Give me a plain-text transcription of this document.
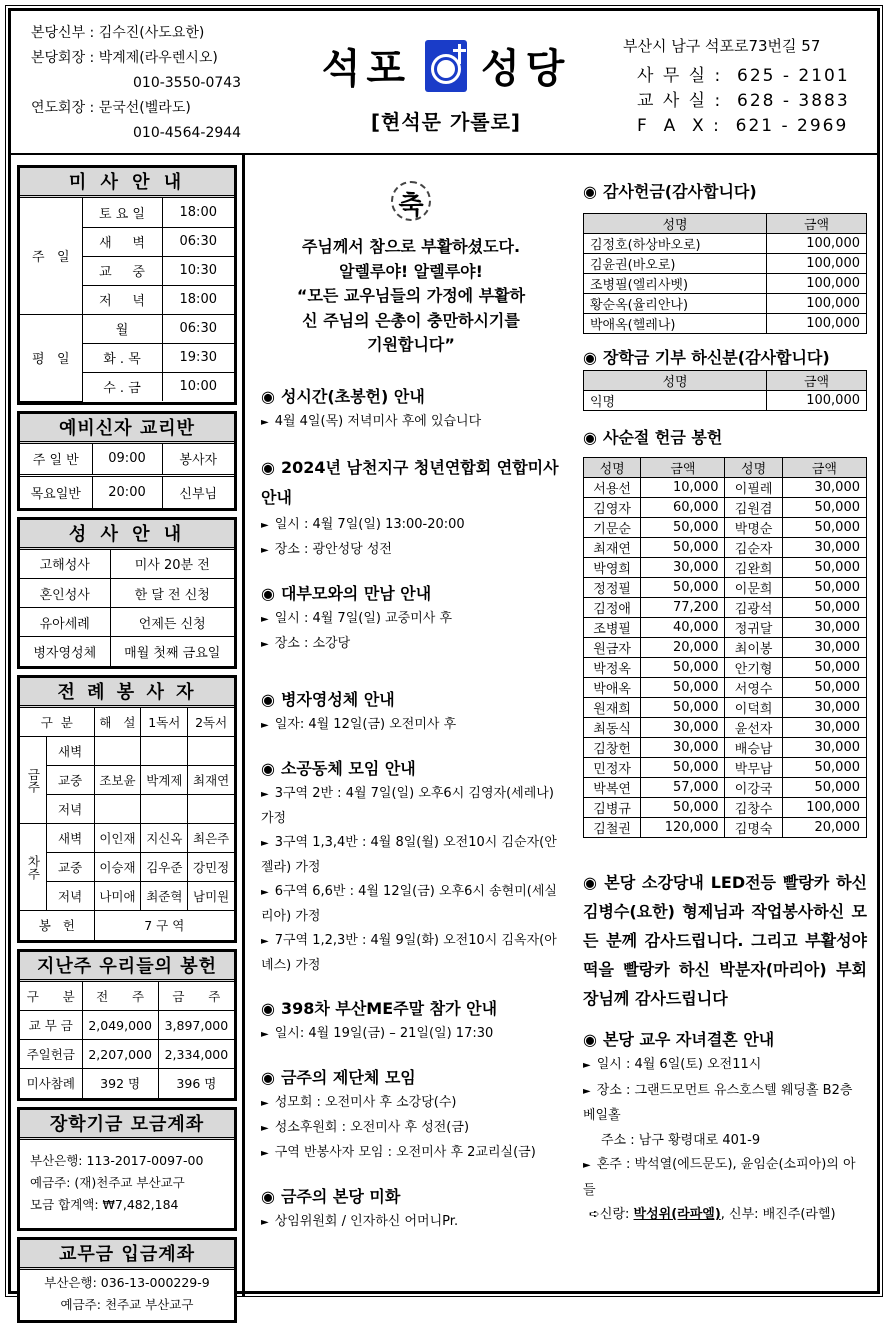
본당신부 : 김수진(사도요한)
본당회장 : 박계제(라우렌시오)
010-3550-0743
연도회장 : 문국선(벨라도)
010-4564-2944
석포 성당
[현석문 가롤로]
부산시 남구 석포로73번길 57
사 무 실 :  625 - 2101
교 사 실 :  628 - 3883
F  A  X :  621 - 2969
미 사 안 내
주   일	토 요 일	18:00
	새     벽	06:30
	교     중	10:30
	저     녁	18:00
평   일	월	06:30
	화 . 목	19:30
	수 . 금	10:00
예비신자 교리반
주 일 반	09:00	봉사자
목요일반	20:00	신부님
성 사 안 내
고해성사	미사 20분 전
혼인성사	한 달 전 신청
유아세례	언제든 신청
병자영성체	매월 첫째 금요일
전 례 봉 사 자
구  분		해   설	1독서	2독서
금주	새벽			
	교중	조보윤	박계제	최재연
	저녁			
차주	새벽	이인재	지신옥	최은주
	교중	이승재	김우준	강민정
	저녁	나미애	최준혁	남미원
봉   헌		7 구 역		
지난주 우리들의 봉헌
구      분	전      주	금      주
교 무 금	2,049,000	3,897,000
주일헌금	2,207,000	2,334,000
미사참례	392 명	396 명
장학기금 모금계좌
부산은행: 113-2017-0097-00
예금주: (재)천주교 부산교구
모금 합계액: ₩7,482,184
교무금 입금계좌
부산은행: 036-13-000229-9
예금주: 천주교 부산교구
축
주님께서 참으로 부활하셨도다.
알렐루야! 알렐루야!
“모든 교우님들의 가정에 부활하
신 주님의 은총이 충만하시기를
기원합니다”
◉ 성시간(초봉헌) 안내
► 4월 4일(목) 저녁미사 후에 있습니다
◉ 2024년 남천지구 청년연합회 연합미사 안내
► 일시 : 4월 7일(일) 13:00-20:00
► 장소 : 광안성당 성전
◉ 대부모와의 만남 안내
► 일시 : 4월 7일(일) 교중미사 후
► 장소 : 소강당
◉ 병자영성체 안내
► 일자: 4월 12일(금) 오전미사 후
◉ 소공동체 모임 안내
► 3구역 2반 : 4월 7일(일) 오후6시 김영자(세레나) 가정
► 3구역 1,3,4반 : 4월 8일(월) 오전10시 김순자(안젤라) 가정
► 6구역 6,6반 : 4월 12일(금) 오후6시 송현미(세실리아) 가정
► 7구역 1,2,3반 : 4월 9일(화) 오전10시 김옥자(아녜스) 가정
◉ 398차 부산ME주말 참가 안내
► 일시: 4월 19일(금) – 21일(일) 17:30
◉ 금주의 제단체 모임
► 성모회 : 오전미사 후 소강당(수)
► 성소후원회 : 오전미사 후 성전(금)
► 구역 반봉사자 모임 : 오전미사 후 2교리실(금)
◉ 금주의 본당 미화
► 상임위원회 / 인자하신 어머니Pr.
◉ 감사헌금(감사합니다)
성명	금액
김정호(하상바오로)	100,000
김윤권(바오로)	100,000
조병필(엘리사벳)	100,000
황순옥(율리안나)	100,000
박애옥(헬레나)	100,000
◉ 장학금 기부 하신분(감사합니다)
성명	금액
익명	100,000
◉ 사순절 헌금 봉헌
성명	금액	성명	금액
서용선	10,000	이필레	30,000
김영자	60,000	김원겸	50,000
기문순	50,000	박명순	50,000
최재연	50,000	김순자	30,000
박영희	30,000	김완희	50,000
정정필	50,000	이문희	50,000
김정애	77,200	김광석	50,000
조병필	40,000	정귀달	30,000
원금자	20,000	최이봉	30,000
박정옥	50,000	안기형	50,000
박애옥	50,000	서영수	50,000
원재희	50,000	이덕희	30,000
최동식	30,000	윤선자	30,000
김창헌	30,000	배승남	30,000
민정자	50,000	박무남	50,000
박복연	57,000	이강국	50,000
김병규	50,000	김창수	100,000
김철권	120,000	김명숙	20,000
◉ 본당 소강당내 LED전등 빨랑카 하신 김병수(요한) 형제님과 작업봉사하신 모든 분께 감사드립니다. 그리고 부활성야 떡을 빨랑카 하신 박분자(마리아) 부회장님께 감사드립니다
◉ 본당 교우 자녀결혼 안내
► 일시 : 4월 6일(토) 오전11시
► 장소 : 그랜드모먼트 유스호스텔 웨딩홀 B2층 베일홀
주소 : 남구 황령대로 401-9
► 혼주 : 박석열(에드문도), 윤임순(소피아)의 아들
➪신랑: 박성위(라파엘), 신부: 배진주(라헬)
